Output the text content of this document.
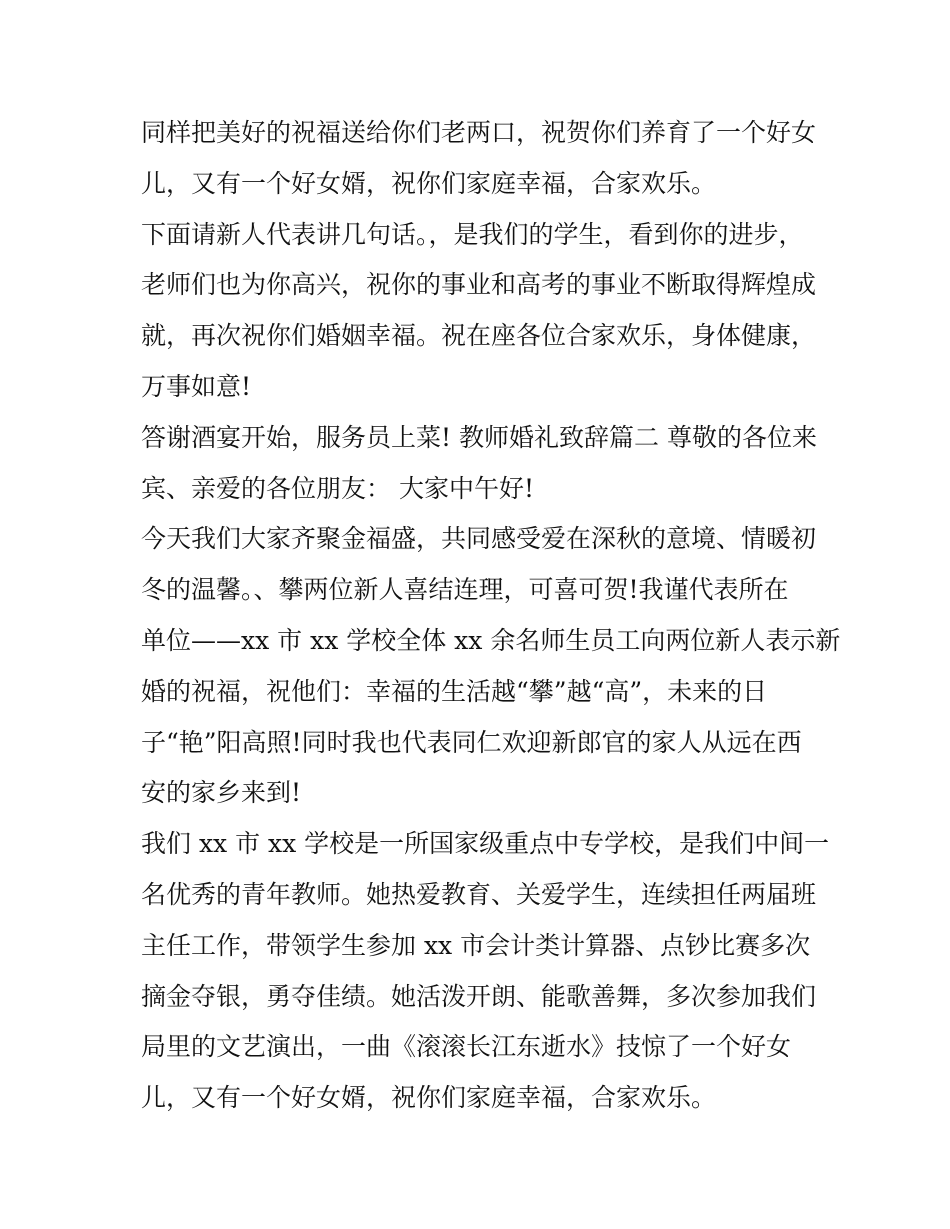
同样把美好的祝福送给你们老两口，祝贺你们养育了一个好女
儿，又有一个好女婿，祝你们家庭幸福，合家欢乐。
下面请新人代表讲几句话。，是我们的学生，看到你的进步，
老师们也为你高兴，祝你的事业和高考的事业不断取得辉煌成
就，再次祝你们婚姻幸福。祝在座各位合家欢乐，身体健康，
万事如意!
答谢酒宴开始，服务员上菜! 教师婚礼致辞篇二 尊敬的各位来
宾、亲爱的各位朋友： 大家中午好!
今天我们大家齐聚金福盛，共同感受爱在深秋的意境、情暖初
冬的温馨。、攀两位新人喜结连理，可喜可贺!我谨代表所在
单位——xx 市 xx 学校全体 xx 余名师生员工向两位新人表示新
婚的祝福，祝他们：幸福的生活越“攀”越“高”，未来的日
子“艳”阳高照!同时我也代表同仁欢迎新郎官的家人从远在西
安的家乡来到!
我们 xx 市 xx 学校是一所国家级重点中专学校，是我们中间一
名优秀的青年教师。她热爱教育、关爱学生，连续担任两届班
主任工作，带领学生参加 xx 市会计类计算器、点钞比赛多次
摘金夺银，勇夺佳绩。她活泼开朗、能歌善舞，多次参加我们
局里的文艺演出，一曲《滚滚长江东逝水》技惊了一个好女
儿，又有一个好女婿，祝你们家庭幸福，合家欢乐。
